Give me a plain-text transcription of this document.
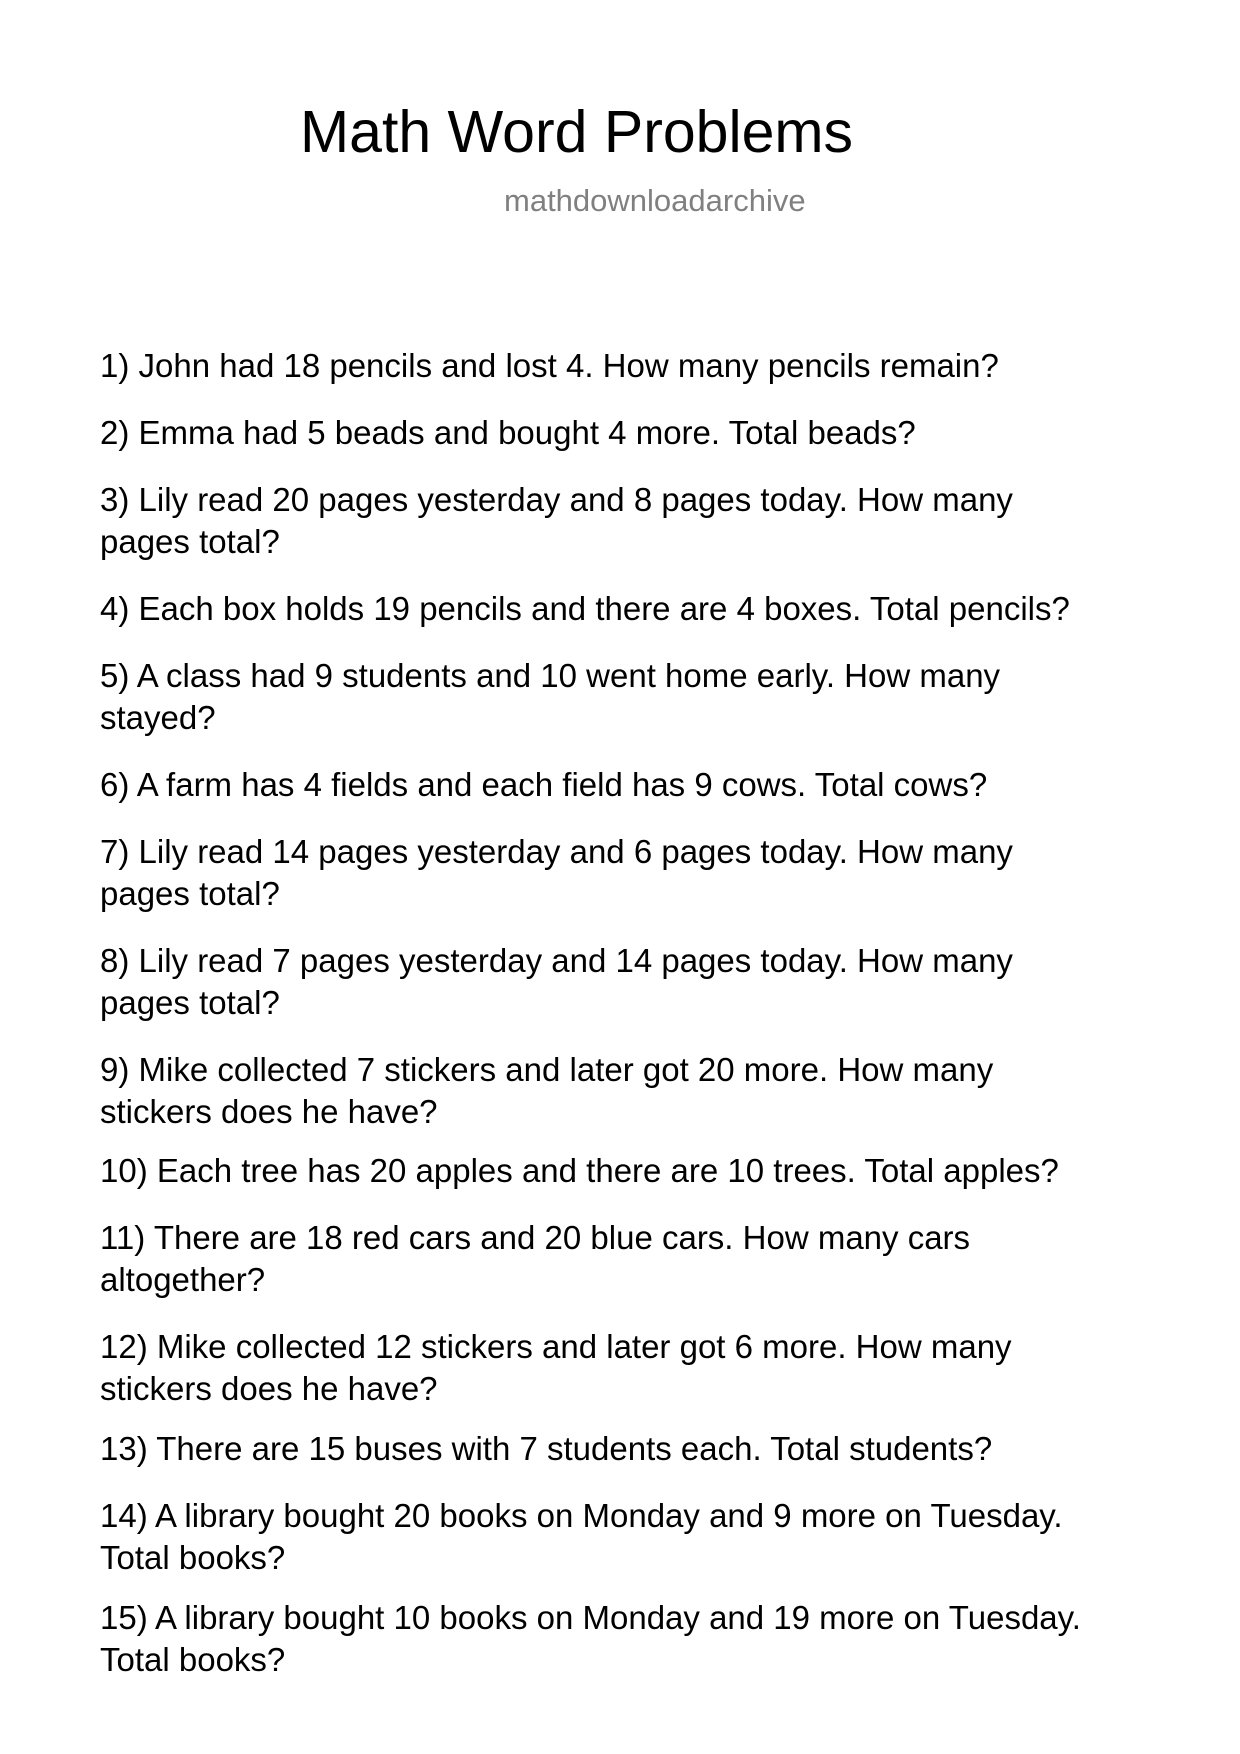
Math Word Problems
mathdownloadarchive
1) John had 18 pencils and lost 4. How many pencils remain?
2) Emma had 5 beads and bought 4 more. Total beads?
3) Lily read 20 pages yesterday and 8 pages today. How many
pages total?
4) Each box holds 19 pencils and there are 4 boxes. Total pencils?
5) A class had 9 students and 10 went home early. How many
stayed?
6) A farm has 4 fields and each field has 9 cows. Total cows?
7) Lily read 14 pages yesterday and 6 pages today. How many
pages total?
8) Lily read 7 pages yesterday and 14 pages today. How many
pages total?
9) Mike collected 7 stickers and later got 20 more. How many
stickers does he have?
10) Each tree has 20 apples and there are 10 trees. Total apples?
11) There are 18 red cars and 20 blue cars. How many cars
altogether?
12) Mike collected 12 stickers and later got 6 more. How many
stickers does he have?
13) There are 15 buses with 7 students each. Total students?
14) A library bought 20 books on Monday and 9 more on Tuesday.
Total books?
15) A library bought 10 books on Monday and 19 more on Tuesday.
Total books?
